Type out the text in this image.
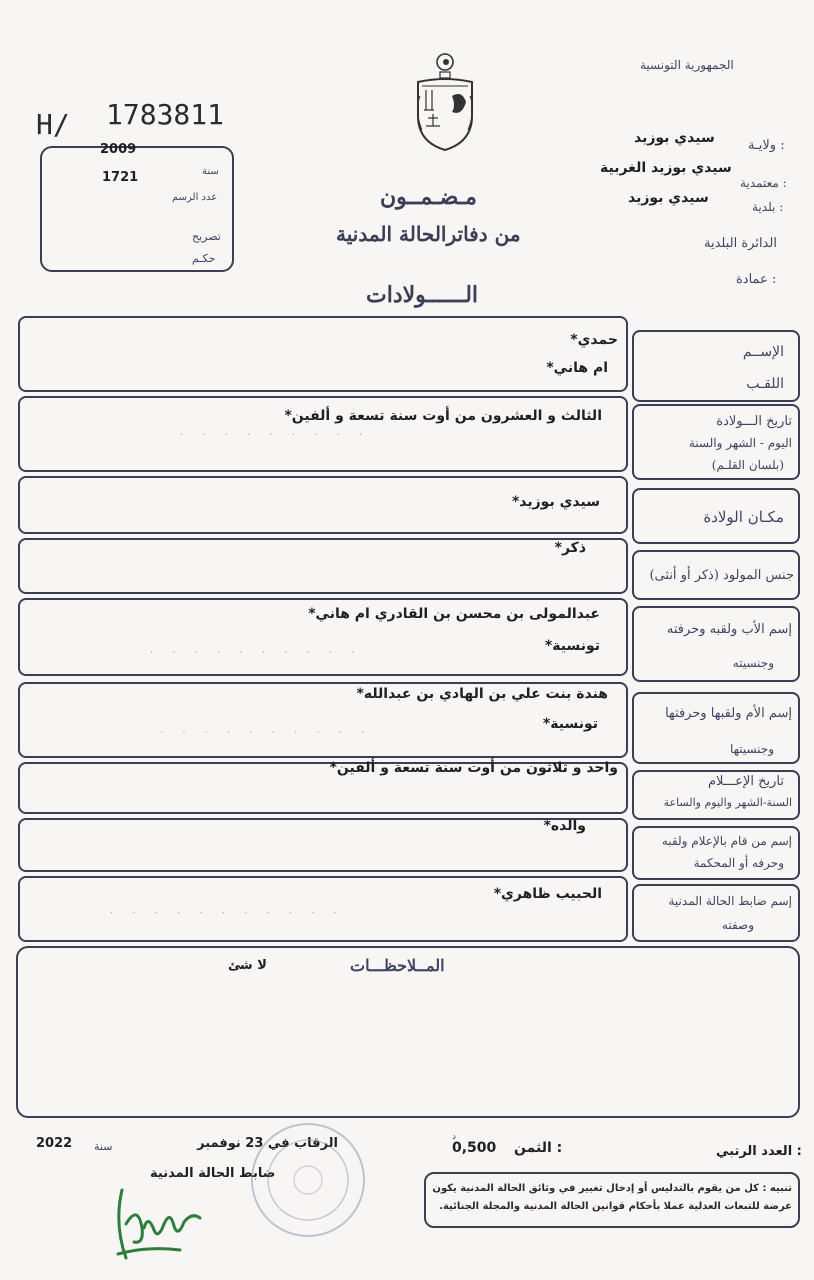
الجمهورية التونسية
H/ 1783811
ولايـة :
سيدي بوزيد
معتمدية :
سيدي بوزيد الغربية
بلدية :
سيدي بوزيد
الدائرة البلدية
عمادة :
2009
سنة
1721
عدد الرسم
تصريح
حكـم
مـضـمــون
من دفاترالحالة المدنية
الــــــولادات
حمدي*
ام هاني*
الإســم
اللقـب
الثالث و العشرون من أوت سنة تسعة و ألفين*
· · · · · · · · ·
تاريخ الـــولادة
اليوم - الشهر والسنة
(بلسان القلـم)
سيدي بوزيد*
مكـان الولادة
ذكر*
جنس المولود (ذكر أو أنثى)
عبدالمولى بن محسن بن القادري ام هاني*
تونسية*
· · · · · · · · · ·
إسم الأب ولقبه وحرفته
وجنسيته
هندة بنت علي بن الهادي بن عبدالله*
تونسية*
· · · · · · · · · ·
إسم الأم ولقبها وحرفتها
وجنسيتها
واحد و ثلاثون من أوت سنة تسعة و ألفين*
تاريخ الإعـــلام
السنة-الشهر واليوم والساعة
والده*
إسم من قام بالإعلام ولقبه
وحرفه أو المحكمة
الحبيب ظاهري*
· · · · · · · · · · ·
إسم ضابط الحالة المدنية
وصفته
المــلاحظـــات
لا شئ
2022 سنة	الرقاب في 23 نوفمبر
ضابط الحالة المدنية
الثمن :
0,500
د
العدد الرتبي :
تنبيه : كل من يقوم بالتدليس أو إدخال تغيير في وثائق الحالة المدنية يكون عرضة للتبعات العدلية عملا بأحكام قوانين الحالة المدنية والمجلة الجنائية.
